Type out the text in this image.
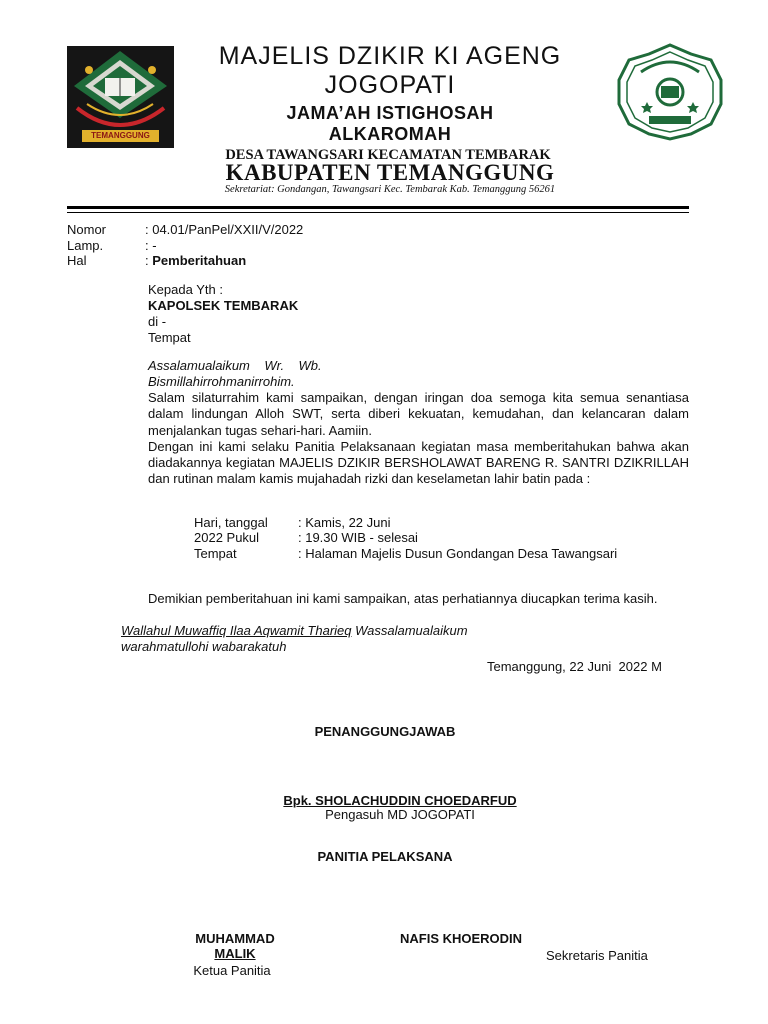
TEMANGGUNG
MAJELIS DZIKIR KI AGENG
JOGOPATI
JAMA’AH ISTIGHOSAH
ALKAROMAH
DESA TAWANGSARI KECAMATAN TEMBARAK
KABUPATEN TEMANGGUNG
Sekretariat: Gondangan, Tawangsari Kec. Tembarak Kab. Temanggung 56261
Nomor	: 04.01/PanPel/XXII/V/2022
Lamp.	: -
Hal	: Pemberitahuan
Kepada Yth :
KAPOLSEK TEMBARAK
di -
Tempat
Assalamualaikum    Wr.    Wb.
Bismillahirrohmanirrohim.

Salam silaturrahim kami sampaikan, dengan iringan doa semoga kita semua senantiasa dalam lindungan Alloh SWT, serta diberi kekuatan, kemudahan, dan kelancaran dalam menjalankan tugas sehari-hari. Aamiin.

Dengan ini kami selaku Panitia Pelaksanaan kegiatan masa memberitahukan bahwa akan diadakannya kegiatan MAJELIS DZIKIR BERSHOLAWAT BARENG R. SANTRI DZIKRILLAH dan rutinan malam kamis mujahadah rizki dan keselametan lahir batin pada :

Hari, tanggal : Kamis, 22 Juni
2022 Pukul	: 19.30 WIB - selesai
Tempat	: Halaman Majelis Dusun Gondangan Desa Tawangsari
Demikian pemberitahuan ini kami sampaikan, atas perhatiannya diucapkan terima kasih.
Wallahul Muwaffiq Ilaa Aqwamit Tharieq Wassalamualaikum
warahmatullohi wabarakatuh
Temanggung, 22 Juni  2022 M
PENANGGUNGJAWAB
Bpk. SHOLACHUDDIN CHOEDARFUD
Pengasuh MD JOGOPATI
PANITIA PELAKSANA
MUHAMMAD
MALIK
Ketua Panitia
NAFIS KHOERODIN
Sekretaris Panitia
